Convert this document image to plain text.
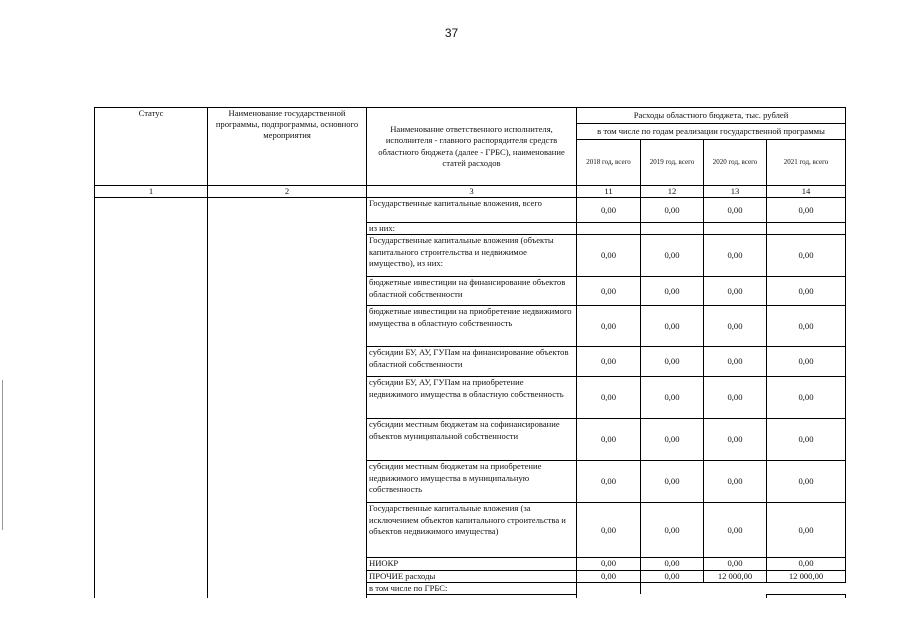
37
Статус	Наименование государственной программы, подпрограммы, основного мероприятия	Наименование ответственного исполнителя, исполнителя - главного распорядителя средств областного бюджета (далее - ГРБС), наименование статей расходов	Расходы областного бюджета, тыс. рублей			
			в том числе по годам реализации государственной программы			
			2018 год, всего	2019 год, всего	2020 год, всего	2021 год, всего
1	2	3	11	12	13	14
		Государственные капитальные вложения, всего	0,00	0,00	0,00	0,00
		из них:				
		Государственные капитальные вложения (объекты капитального строительства и недвижимое имущество), из них:	0,00	0,00	0,00	0,00
		бюджетные инвестиции на финансирование объектов областной собственности	0,00	0,00	0,00	0,00
		бюджетные инвестиции на приобретение недвижимого имущества в областную собственность	0,00	0,00	0,00	0,00
		субсидии БУ, АУ, ГУПам на финансирование объектов областной собственности	0,00	0,00	0,00	0,00
		субсидии БУ, АУ, ГУПам на приобретение недвижимого имущества в областную собственность	0,00	0,00	0,00	0,00
		субсидии местным бюджетам на софинансирование объектов муниципальной собственности	0,00	0,00	0,00	0,00
		субсидии местным бюджетам на приобретение недвижимого имущества в муниципальную собственность	0,00	0,00	0,00	0,00
		Государственные капитальные вложения (за исключением объектов капитального строительства и объектов недвижимого имущества)	0,00	0,00	0,00	0,00
		НИОКР	0,00	0,00	0,00	0,00
		ПРОЧИЕ расходы	0,00	0,00	12 000,00	12 000,00
		в том числе по ГРБС:				
